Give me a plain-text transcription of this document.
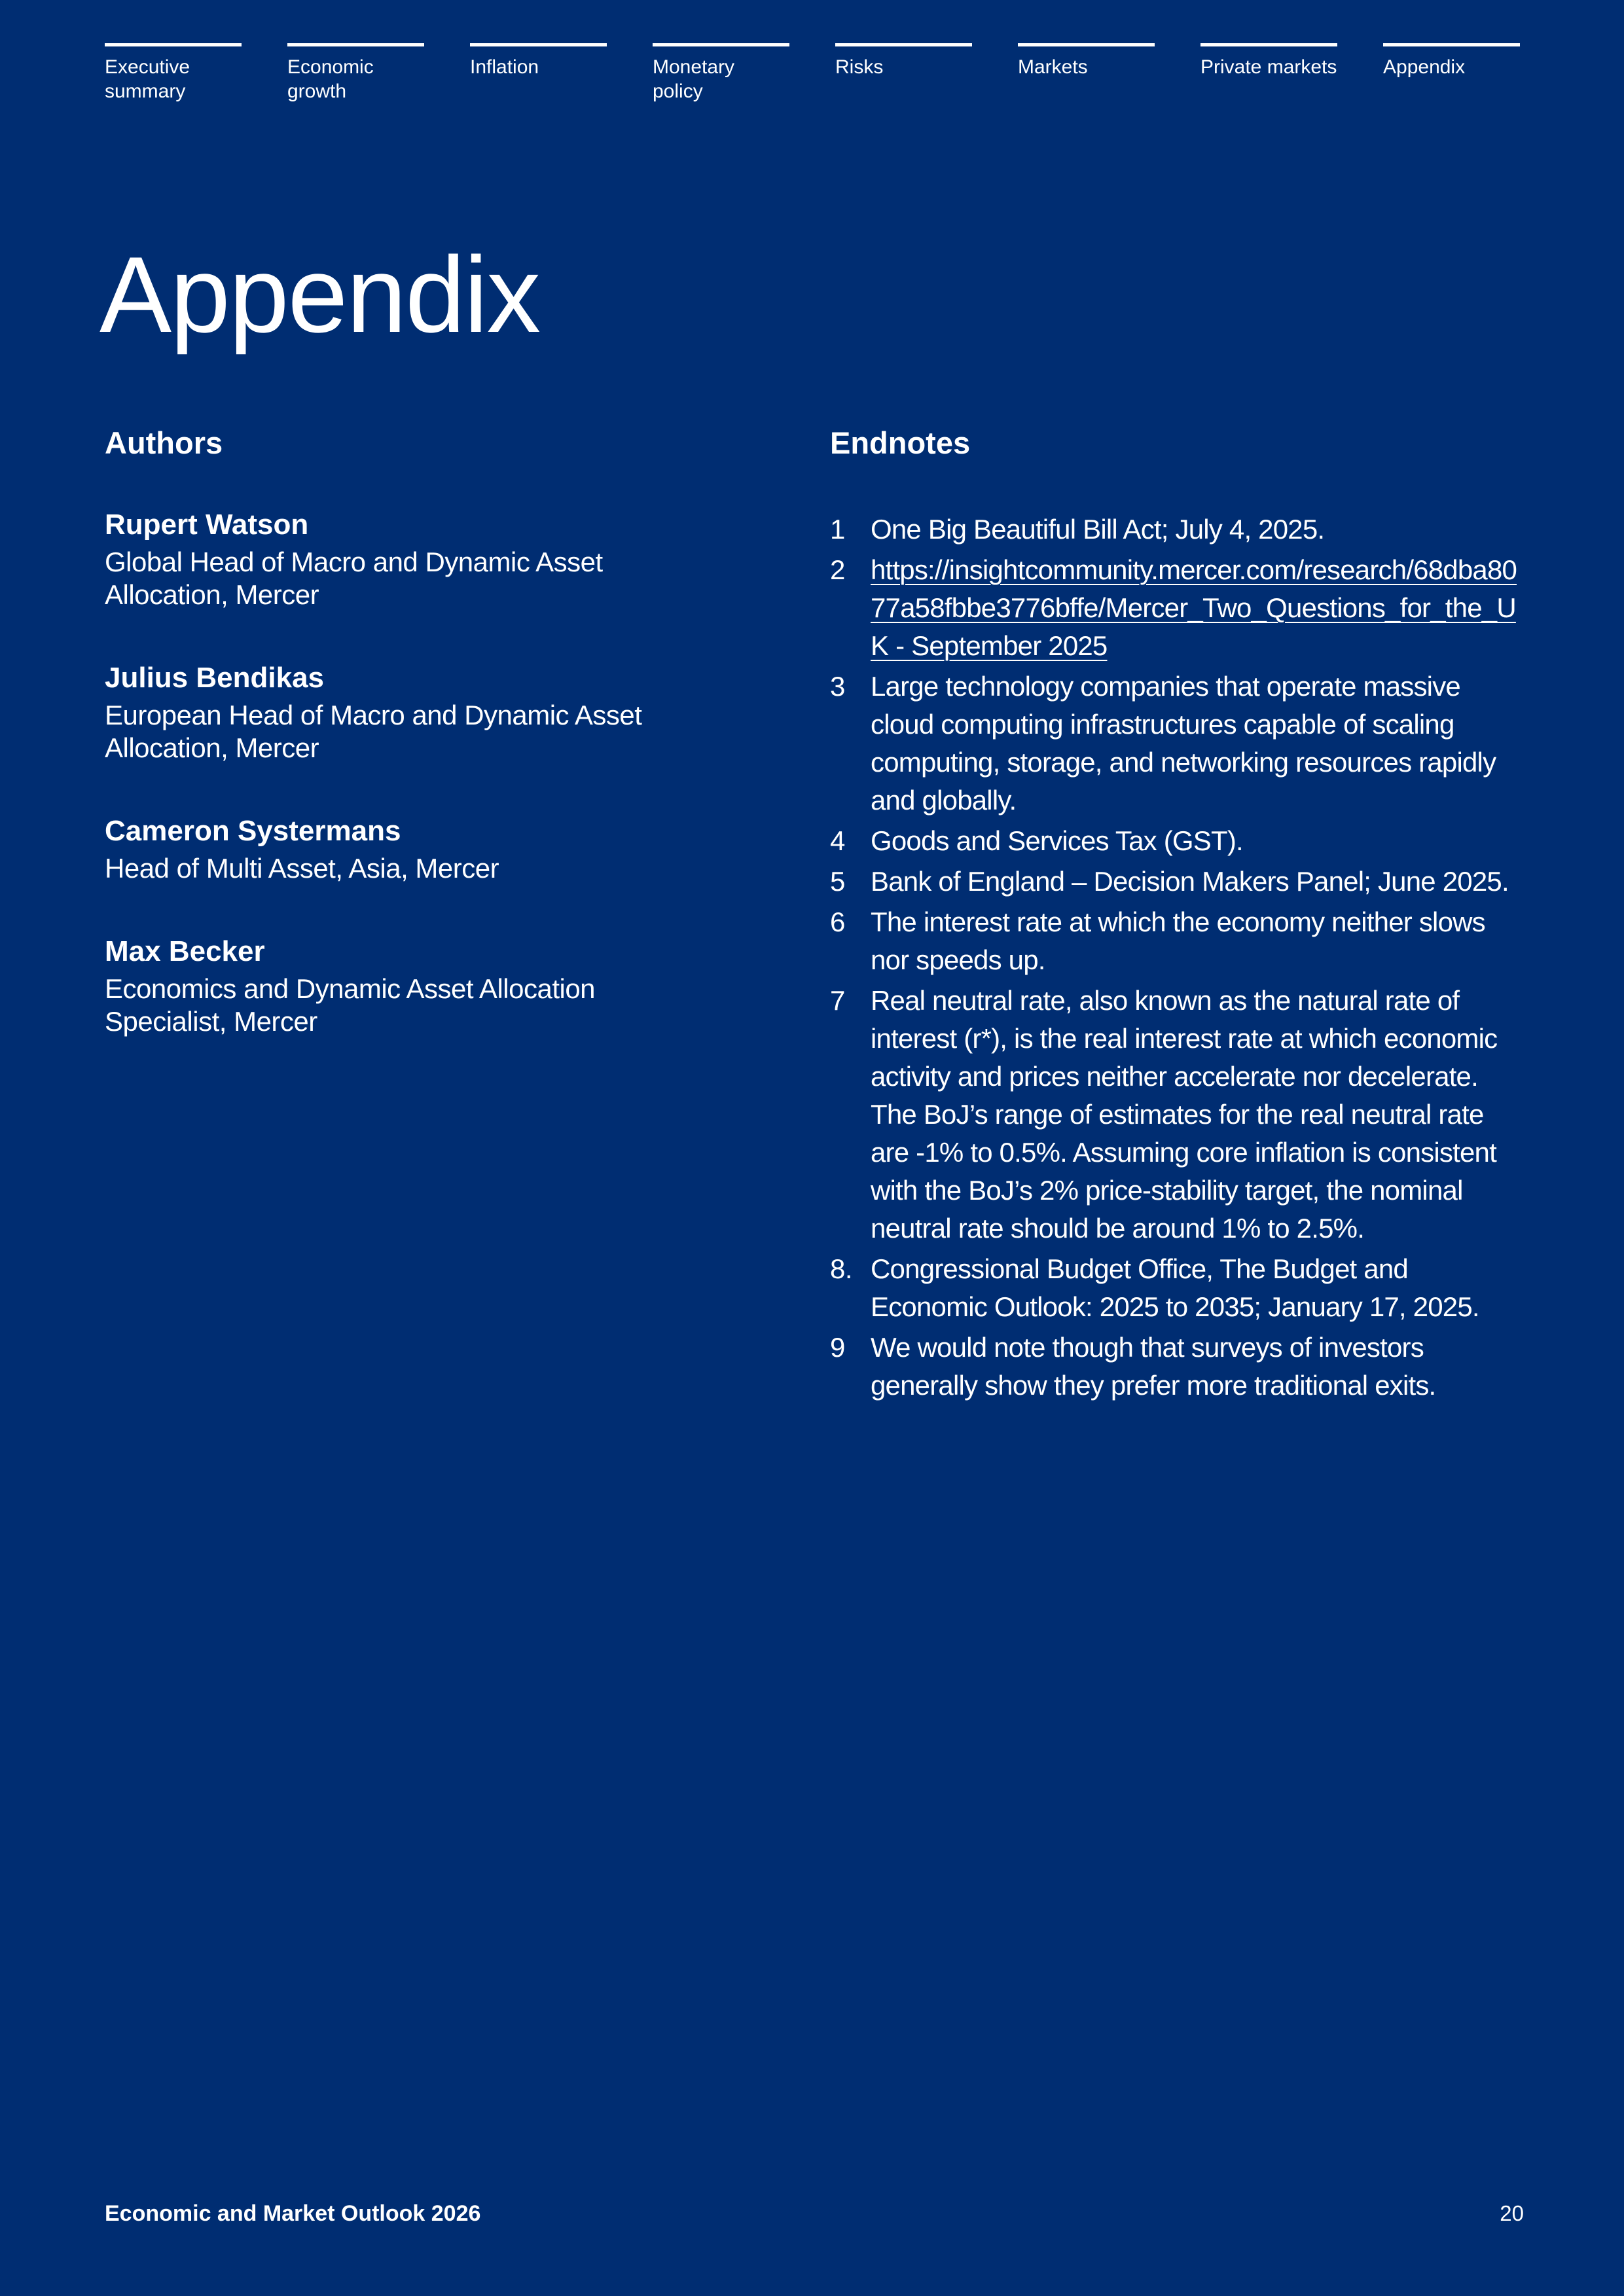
Executive summary
Economic growth
Inflation	Monetary policy
Risks	Markets	Private markets Appendix
Appendix
Authors
Rupert Watson
Global Head of Macro and Dynamic Asset Allocation, Mercer
Julius Bendikas
European Head of Macro and Dynamic Asset Allocation, Mercer
Cameron Systermans
Head of Multi Asset, Asia, Mercer
Max Becker
Economics and Dynamic Asset Allocation Specialist, Mercer
Endnotes
1 One Big Beautiful Bill Act; July 4, 2025.
2 https://insightcommunity.mercer.com/research/68dba8077a58fbbe3776bffe/Mercer_Two_Questions_for_the_UK - September 2025
3 Large technology companies that operate massive cloud computing infrastructures capable of scaling computing, storage, and networking resources rapidly and globally.
4 Goods and Services Tax (GST).
5 Bank of England – Decision Makers Panel; June 2025.
6 The interest rate at which the economy neither slows nor speeds up.
7 Real neutral rate, also known as the natural rate of interest (r*), is the real interest rate at which economic activity and prices neither accelerate nor decelerate. The BoJ’s range of estimates for the real neutral rate are -1% to 0.5%. Assuming core inflation is consistent with the BoJ’s 2% price-stability target, the nominal neutral rate should be around 1% to 2.5%.
8. Congressional Budget Office, The Budget and Economic Outlook: 2025 to 2035; January 17, 2025.
9 We would note though that surveys of investors generally show they prefer more traditional exits.
Economic and Market Outlook 2026	20
